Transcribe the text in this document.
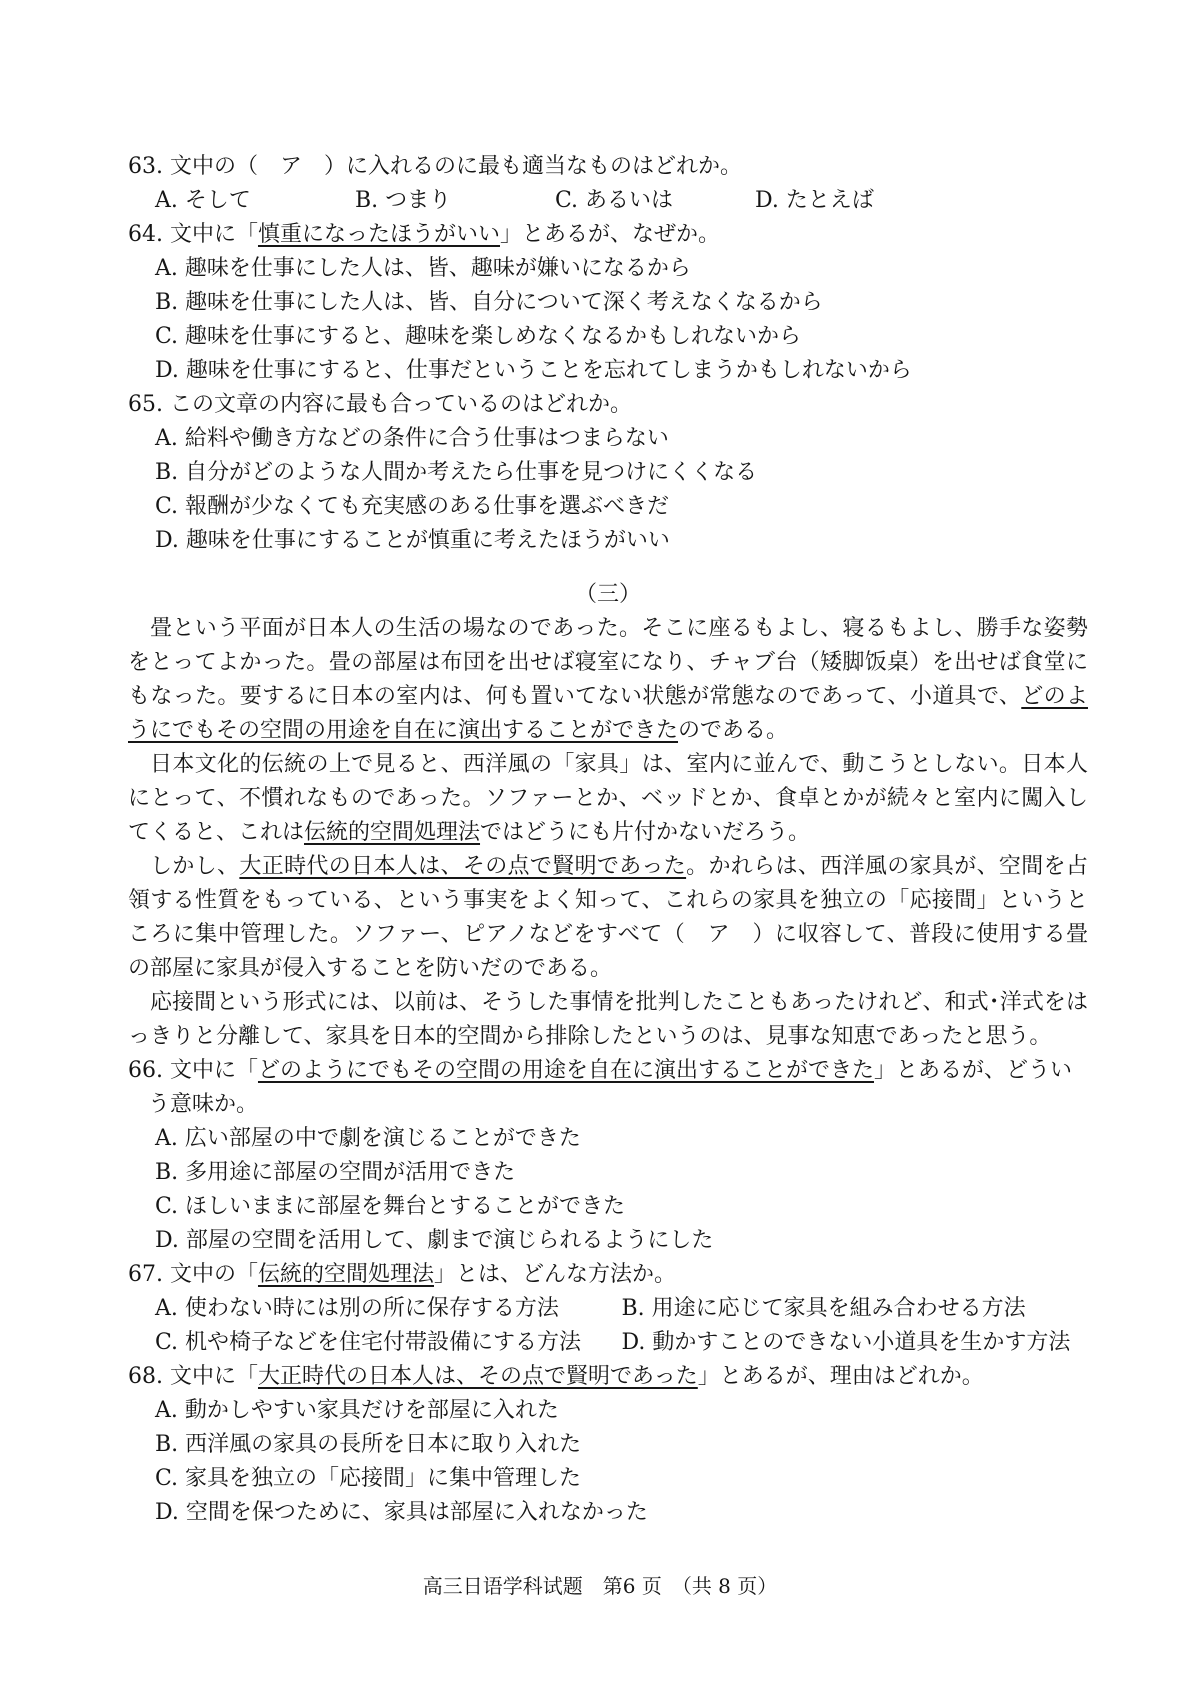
63. 文中の（　ア　）に入れるのに最も適当なものはどれか。
A. そして	B. つまり	C. あるいは	D. たとえば
64. 文中に「慎重になったほうがいい」とあるが、なぜか。
A. 趣味を仕事にした人は、皆、趣味が嫌いになるから
B. 趣味を仕事にした人は、皆、自分について深く考えなくなるから
C. 趣味を仕事にすると、趣味を楽しめなくなるかもしれないから
D. 趣味を仕事にすると、仕事だということを忘れてしまうかもしれないから
65. この文章の内容に最も合っているのはどれか。
A. 給料や働き方などの条件に合う仕事はつまらない
B. 自分がどのような人間か考えたら仕事を見つけにくくなる
C. 報酬が少なくても充実感のある仕事を選ぶべきだ
D. 趣味を仕事にすることが慎重に考えたほうがいい
（三）

畳という平面が日本人の生活の場なのであった。そこに座るもよし、寝るもよし、勝手な姿勢をとってよかった。畳の部屋は布団を出せば寝室になり、チャブ台（矮脚饭桌）を出せば食堂にもなった。要するに日本の室内は、何も置いてない状態が常態なのであって、小道具で、どのようにでもその空間の用途を自在に演出することができたのである。

日本文化的伝統の上で見ると、西洋風の「家具」は、室内に並んで、動こうとしない。日本人にとって、不慣れなものであった。ソファーとか、ベッドとか、食卓とかが続々と室内に闖入してくると、これは伝統的空間処理法ではどうにも片付かないだろう。

しかし、大正時代の日本人は、その点で賢明であった。かれらは、西洋風の家具が、空間を占領する性質をもっている、という事実をよく知って、これらの家具を独立の「応接間」というところに集中管理した。ソファー、ピアノなどをすべて（　ア　）に収容して、普段に使用する畳の部屋に家具が侵入することを防いだのである。

応接間という形式には、以前は、そうした事情を批判したこともあったけれど、和式･洋式をはっきりと分離して、家具を日本的空間から排除したというのは、見事な知恵であったと思う。

66. 文中に「どのようにでもその空間の用途を自在に演出することができた」とあるが、どうい
う意味か。
A. 広い部屋の中で劇を演じることができた
B. 多用途に部屋の空間が活用できた
C. ほしいままに部屋を舞台とすることができた
D. 部屋の空間を活用して、劇まで演じられるようにした
67. 文中の「伝統的空間処理法」とは、どんな方法か。
A. 使わない時には別の所に保存する方法	B. 用途に応じて家具を組み合わせる方法
C. 机や椅子などを住宅付帯設備にする方法	D. 動かすことのできない小道具を生かす方法
68. 文中に「大正時代の日本人は、その点で賢明であった」とあるが、理由はどれか。
A. 動かしやすい家具だけを部屋に入れた
B. 西洋風の家具の長所を日本に取り入れた
C. 家具を独立の「応接間」に集中管理した
D. 空間を保つために、家具は部屋に入れなかった
高三日语学科试题　第6 页　（共 8 页）
